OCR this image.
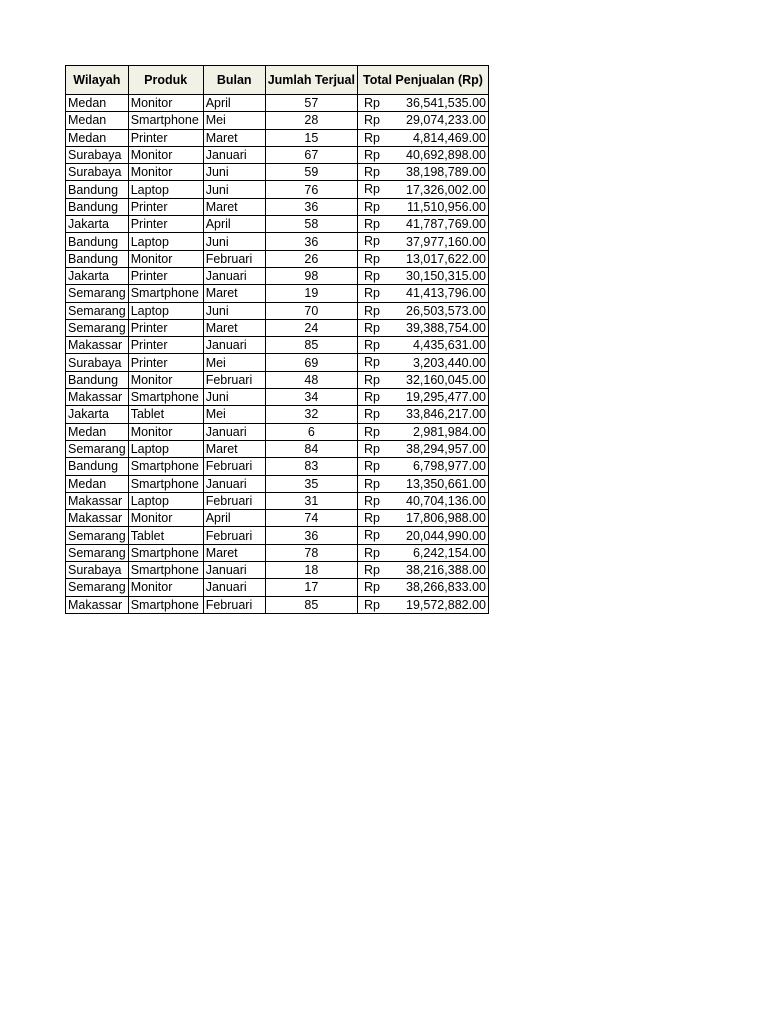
Wilayah	Produk	Bulan	Jumlah Terjual	Total Penjualan (Rp)
Medan	Monitor	April	57	Rp 36,541,535.00
Medan	Smartphone	Mei	28	Rp 29,074,233.00
Medan	Printer	Maret	15	Rp 4,814,469.00
Surabaya	Monitor	Januari	67	Rp 40,692,898.00
Surabaya	Monitor	Juni	59	Rp 38,198,789.00
Bandung	Laptop	Juni	76	Rp 17,326,002.00
Bandung	Printer	Maret	36	Rp 11,510,956.00
Jakarta	Printer	April	58	Rp 41,787,769.00
Bandung	Laptop	Juni	36	Rp 37,977,160.00
Bandung	Monitor	Februari	26	Rp 13,017,622.00
Jakarta	Printer	Januari	98	Rp 30,150,315.00
Semarang	Smartphone	Maret	19	Rp 41,413,796.00
Semarang	Laptop	Juni	70	Rp 26,503,573.00
Semarang	Printer	Maret	24	Rp 39,388,754.00
Makassar	Printer	Januari	85	Rp 4,435,631.00
Surabaya	Printer	Mei	69	Rp 3,203,440.00
Bandung	Monitor	Februari	48	Rp 32,160,045.00
Makassar	Smartphone	Juni	34	Rp 19,295,477.00
Jakarta	Tablet	Mei	32	Rp 33,846,217.00
Medan	Monitor	Januari	6	Rp 2,981,984.00
Semarang	Laptop	Maret	84	Rp 38,294,957.00
Bandung	Smartphone	Februari	83	Rp 6,798,977.00
Medan	Smartphone	Januari	35	Rp 13,350,661.00
Makassar	Laptop	Februari	31	Rp 40,704,136.00
Makassar	Monitor	April	74	Rp 17,806,988.00
Semarang	Tablet	Februari	36	Rp 20,044,990.00
Semarang	Smartphone	Maret	78	Rp 6,242,154.00
Surabaya	Smartphone	Januari	18	Rp 38,216,388.00
Semarang	Monitor	Januari	17	Rp 38,266,833.00
Makassar	Smartphone	Februari	85	Rp 19,572,882.00
